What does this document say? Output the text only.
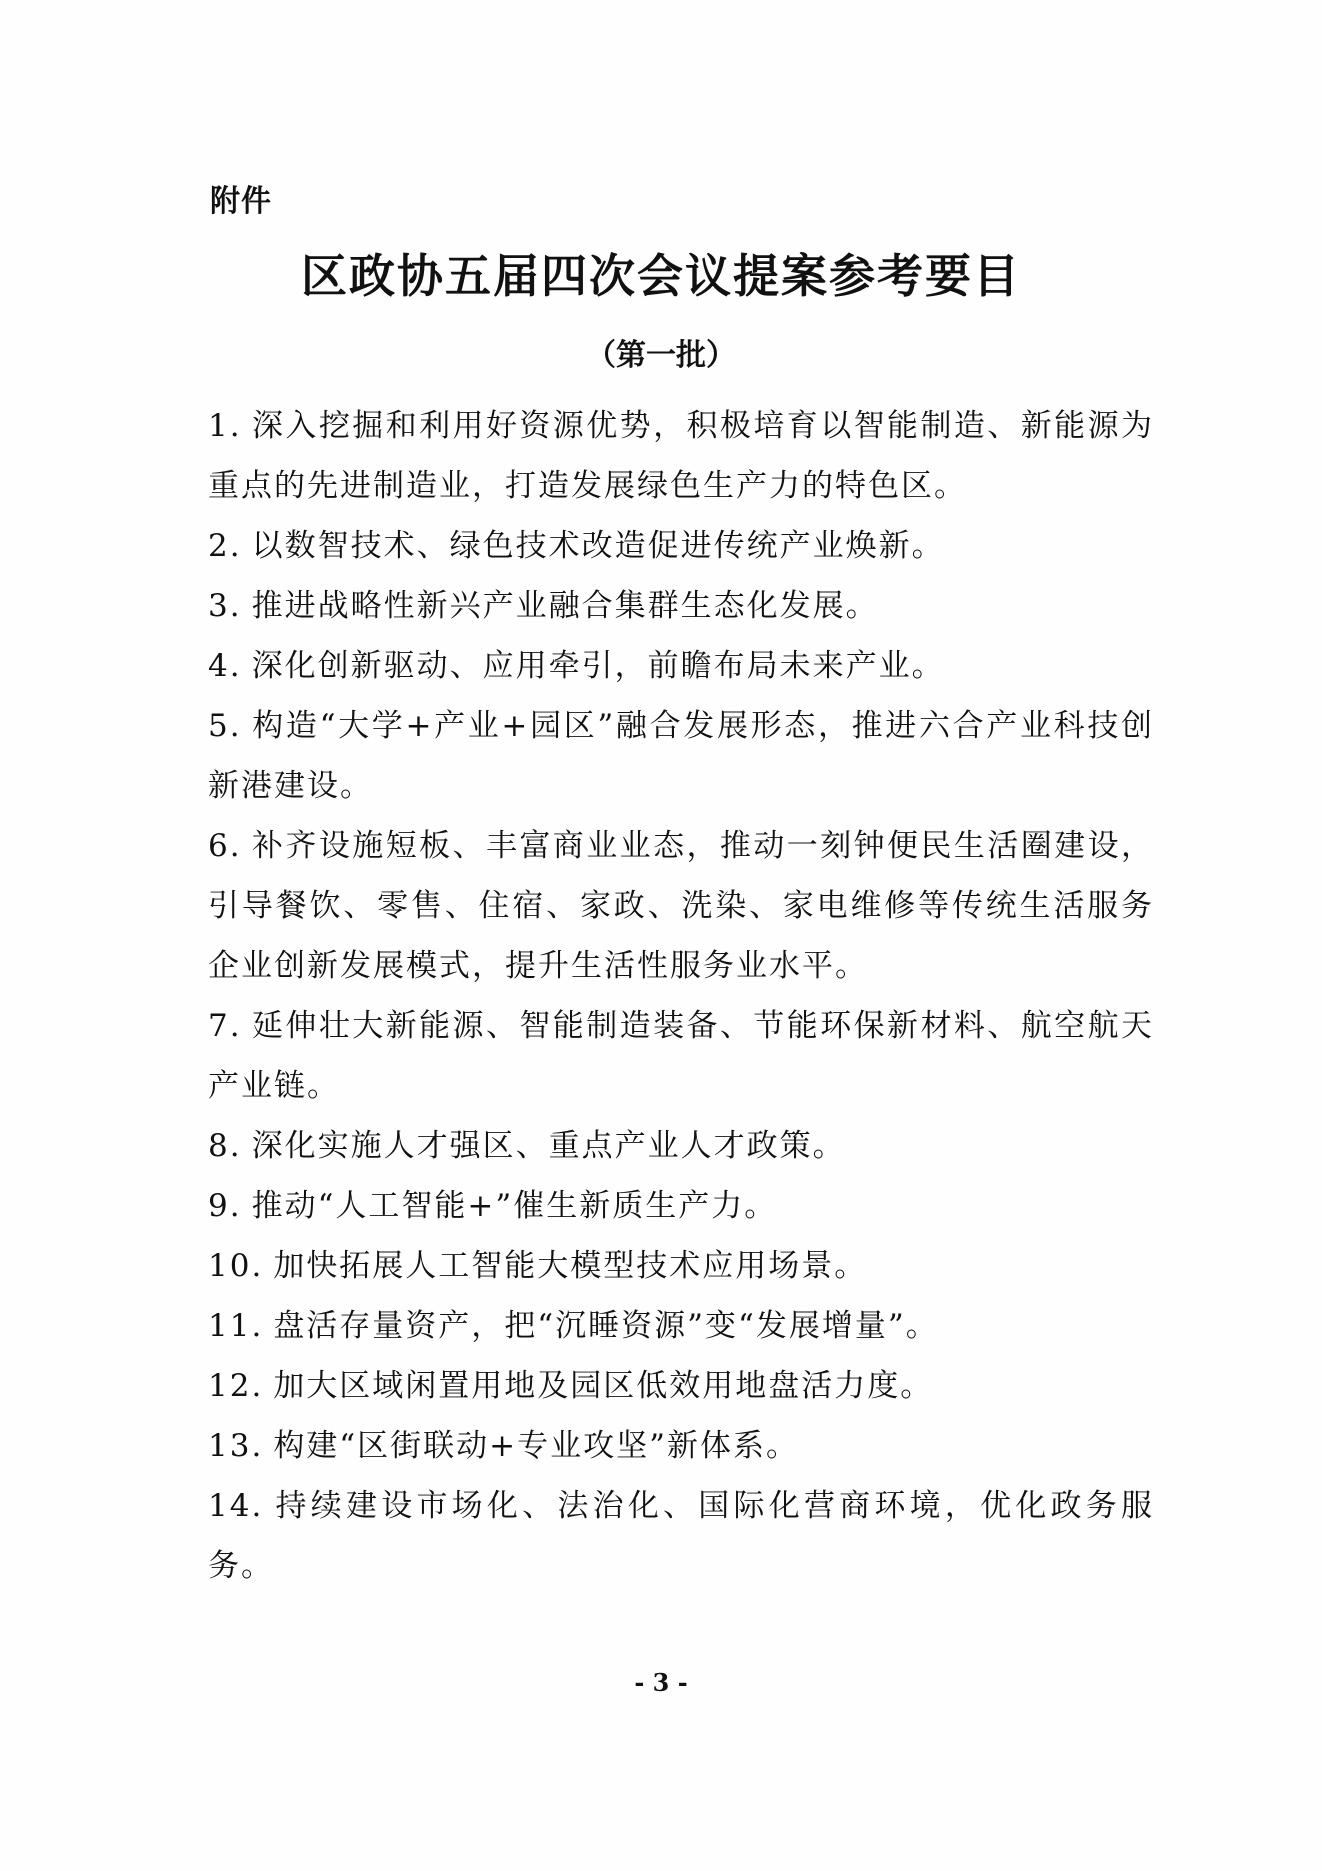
附件
区政协五届四次会议提案参考要目
（第一批）
1. 深入挖掘和利用好资源优势，积极培育以智能制造、新能源为重点的先进制造业，打造发展绿色生产力的特色区。
2. 以数智技术、绿色技术改造促进传统产业焕新。
3. 推进战略性新兴产业融合集群生态化发展。
4. 深化创新驱动、应用牵引，前瞻布局未来产业。
5. 构造“大学+产业+园区”融合发展形态，推进六合产业科技创新港建设。
6. 补齐设施短板、丰富商业业态，推动一刻钟便民生活圈建设，引导餐饮、零售、住宿、家政、洗染、家电维修等传统生活服务企业创新发展模式，提升生活性服务业水平。
7. 延伸壮大新能源、智能制造装备、节能环保新材料、航空航天产业链。
8. 深化实施人才强区、重点产业人才政策。
9. 推动“人工智能+”催生新质生产力。
10. 加快拓展人工智能大模型技术应用场景。
11. 盘活存量资产，把“沉睡资源”变“发展增量”。
12. 加大区域闲置用地及园区低效用地盘活力度。
13. 构建“区街联动+专业攻坚”新体系。
14. 持续建设市场化、法治化、国际化营商环境，优化政务服务。
- 3 -
